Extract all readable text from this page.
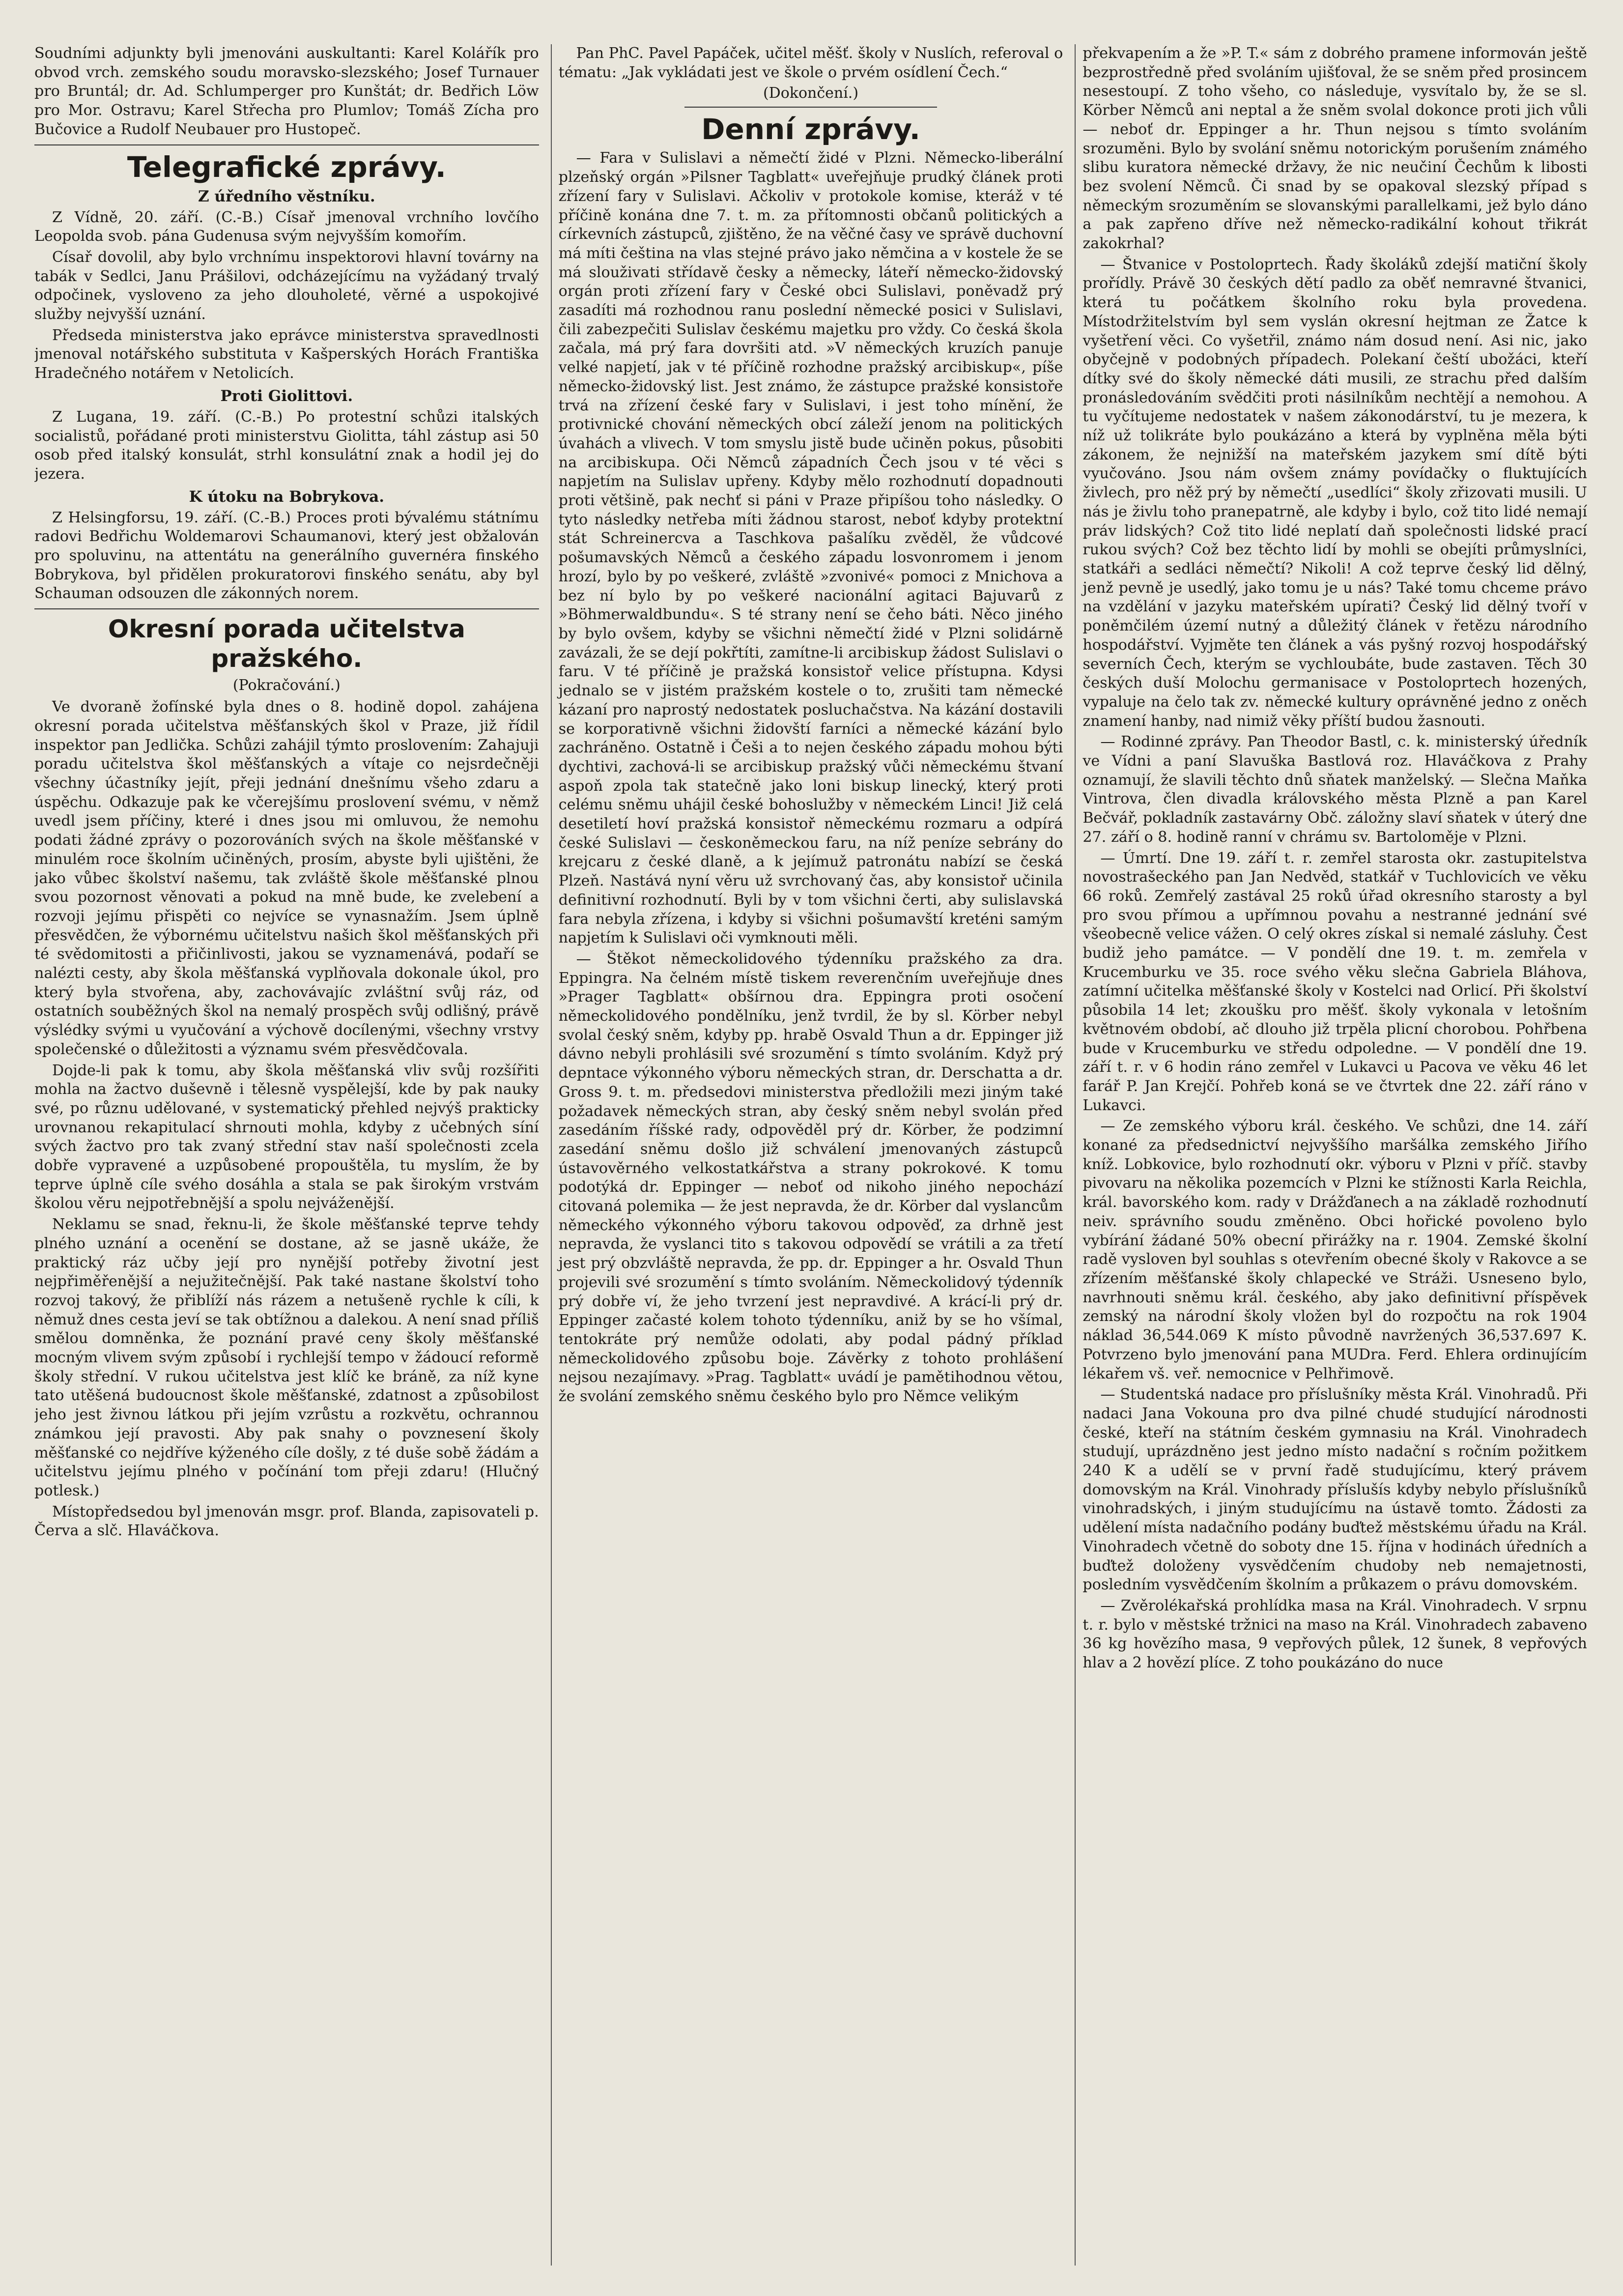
Soudními adjunkty byli jmenováni auskultanti: Karel Kolářík pro obvod vrch. zemského soudu moravsko-slezského; Josef Turnauer pro Bruntál; dr. Ad. Schlumperger pro Kunštát; dr. Bedřich Löw pro Mor. Ostravu; Karel Střecha pro Plumlov; Tomáš Zícha pro Bučovice a Rudolf Neubauer pro Hustopeč.

Telegrafické zprávy.
Z úředního věstníku.

Z Vídně, 20. září. (C.-B.) Císař jmenoval vrchního lovčího Leopolda svob. pána Gudenusa svým nejvyšším komořím.

Císař dovolil, aby bylo vrchnímu inspektorovi hlavní továrny na tabák v Sedlci, Janu Prášilovi, odcházejícímu na vyžádaný trvalý odpočinek, vysloveno za jeho dlouholeté, věrné a uspokojivé služby nejvyšší uznání.

Předseda ministerstva jako eprávce ministerstva spravedlnosti jmenoval notářského substituta v Kašperských Horách Františka Hradečného notářem v Netolicích.

Proti Giolittovi.

Z Lugana, 19. září. (C.-B.) Po protestní schůzi italských socialistů, pořádané proti ministerstvu Giolitta, táhl zástup asi 50 osob před italský konsulát, strhl konsulátní znak a hodil jej do jezera.

K útoku na Bobrykova.

Z Helsingforsu, 19. září. (C.-B.) Proces proti bývalému státnímu radovi Bedřichu Woldemarovi Schaumanovi, který jest obžalován pro spoluvinu, na attentátu na generálního guvernéra finského Bobrykova, byl přidělen prokuratorovi finského senátu, aby byl Schauman odsouzen dle zákonných norem.

Okresní porada učitelstva pražského.
(Pokračování.)

Ve dvoraně žofínské byla dnes o 8. hodině dopol. zahájena okresní porada učitelstva měšťanských škol v Praze, již řídil inspektor pan Jedlička. Schůzi zahájil týmto proslovením: Zahajuji poradu učitelstva škol měšťanských a vítaje co nejsrdečněji všechny účastníky jejít, přeji jednání dnešnímu všeho zdaru a úspěchu. Odkazuje pak ke včerejšímu proslovení svému, v němž uvedl jsem příčiny, které i dnes jsou mi omluvou, že nemohu podati žádné zprávy o pozorováních svých na škole měšťanské v minulém roce školním učiněných, prosím, abyste byli ujištěni, že jako vůbec školství našemu, tak zvláště škole měšťanské plnou svou pozornost věnovati a pokud na mně bude, ke zvelebení a rozvoji jejímu přispěti co nejvíce se vynasnažím. Jsem úplně přesvědčen, že výbornému učitelstvu našich škol měšťanských při té svědomitosti a přičinlivosti, jakou se vyznamenává, podaří se nalézti cesty, aby škola měšťanská vyplňovala dokonale úkol, pro který byla stvořena, aby, zachovávajíc zvláštní svůj ráz, od ostatních souběžných škol na nemalý prospěch svůj odlišný, právě výslédky svými u vyučování a výchově docílenými, všechny vrstvy společenské o důležitosti a významu svém přesvědčovala.

Dojde-li pak k tomu, aby škola měšťanská vliv svůj rozšířiti mohla na žactvo duševně i tělesně vyspělejší, kde by pak nauky své, po různu udělované, v systematický přehled nejvýš prakticky urovnanou rekapitulací shrnouti mohla, kdyby z učebných síní svých žactvo pro tak zvaný střední stav naší společnosti zcela dobře vypravené a uzpůsobené propouštěla, tu myslím, že by teprve úplně cíle svého dosáhla a stala se pak širokým vrstvám školou věru nejpotřebnější a spolu nejváženější.

Neklamu se snad, řeknu-li, že škole měšťanské teprve tehdy plného uznání a ocenění se dostane, až se jasně ukáže, že praktický ráz učby její pro nynější potřeby životní jest nejpřiměřenější a nejužitečnější. Pak také nastane školství toho rozvoj takový, že přiblíží nás rázem a netušeně rychle k cíli, k němuž dnes cesta jeví se tak obtížnou a dalekou. A není snad příliš smělou domněnka, že poznání pravé ceny školy měšťanské mocným vlivem svým způsobí i rychlejší tempo v žádoucí reformě školy střední. V rukou učitelstva jest klíč ke bráně, za níž kyne tato utěšená budoucnost škole měšťanské, zdatnost a způsobilost jeho jest živnou látkou při jejím vzrůstu a rozkvětu, ochrannou známkou její pravosti. Aby pak snahy o povznesení školy měšťanské co nejdříve kýženého cíle došly, z té duše sobě žádám a učitelstvu jejímu plného v počínání tom přeji zdaru! (Hlučný potlesk.)

Místopředsedou byl jmenován msgr. prof. Blanda, zapisovateli p. Červa a slč. Hlaváčkova.

Pan PhC. Pavel Papáček, učitel měšť. školy v Nuslích, referoval o tématu: „Jak vykládati jest ve škole o prvém osídlení Čech.“

(Dokončení.)
Denní zprávy.

— Fara v Sulislavi a němečtí židé v Plzni. Německo-liberální plzeňský orgán »Pilsner Tagblatt« uveřejňuje prudký článek proti zřízení fary v Sulislavi. Ačkoliv v protokole komise, kteráž v té příčině konána dne 7. t. m. za přítomnosti občanů politických a církevních zástupců, zjištěno, že na věčné časy ve správě duchovní má míti čeština na vlas stejné právo jako němčina a v kostele že se má slouživati střídavě česky a německy, láteří německo-židovský orgán proti zřízení fary v České obci Sulislavi, poněvadž prý zasadíti má rozhodnou ranu poslední německé posici v Sulislavi, čili zabezpečiti Sulislav českému majetku pro vždy. Co česká škola začala, má prý fara dovršiti atd. »V německých kruzích panuje velké napjetí, jak v té příčině rozhodne pražský arcibiskup«, píše německo-židovský list. Jest známo, že zástupce pražské konsistoře trvá na zřízení české fary v Sulislavi, i jest toho mínění, že protivnické chování německých obcí záleží jenom na politických úvahách a vlivech. V tom smyslu jistě bude učiněn pokus, působiti na arcibiskupa. Oči Němců západních Čech jsou v té věci s napjetím na Sulislav upřeny. Kdyby mělo rozhodnutí dopadnouti proti většině, pak nechť si páni v Praze připíšou toho následky. O tyto následky netřeba míti žádnou starost, neboť kdyby protektní stát Schreinercva a Taschkova pašalíku zvěděl, že vůdcové pošumavských Němců a českého západu losvonromem i jenom hrozí, bylo by po veškeré, zvláště »zvonivé« pomoci z Mnichova a bez ní bylo by po veškeré nacionální agitaci Bajuvarů z »Böhmerwaldbundu«. S té strany není se čeho báti. Něco jiného by bylo ovšem, kdyby se všichni němečtí židé v Plzni solidárně zavázali, že se dejí pokřtíti, zamítne-li arcibiskup žádost Sulislavi o faru. V té příčině je pražská konsistoř velice přístupna. Kdysi jednalo se v jistém pražském kostele o to, zrušiti tam německé kázaní pro naprostý nedostatek posluchačstva. Na kázání dostavili se korporativně všichni židovští farníci a německé kázání bylo zachráněno. Ostatně i Češi a to nejen českého západu mohou býti dychtivi, zachová-li se arcibiskup pražský vůči německému štvaní aspoň zpola tak statečně jako loni biskup linecký, který proti celému sněmu uhájil české bohoslužby v německém Linci! Již celá desetiletí hoví pražská konsistoř německému rozmaru a odpírá české Sulislavi — českoněmeckou faru, na níž peníze sebrány do krejcaru z české dlaně, a k jejímuž patronátu nabízí se česká Plzeň. Nastává nyní věru už svrchovaný čas, aby konsistoř učinila definitivní rozhodnutí. Byli by v tom všichni čerti, aby sulislavská fara nebyla zřízena, i kdyby si všichni pošumavští kreténi samým napjetím k Sulislavi oči vymknouti měli.

— Štěkot německolidového týdenníku pražského za dra. Eppingra. Na čelném místě tiskem reverenčním uveřejňuje dnes »Prager Tagblatt« obšírnou dra. Eppingra proti osočení německolidového pondělníku, jenž tvrdil, že by sl. Körber nebyl svolal český sněm, kdyby pp. hrabě Osvald Thun a dr. Eppinger již dávno nebyli prohlásili své srozumění s tímto svoláním. Když prý depntace výkonného výboru německých stran, dr. Derschatta a dr. Gross 9. t. m. předsedovi ministerstva předložili mezi jiným také požadavek německých stran, aby český sněm nebyl svolán před zasedáním říšské rady, odpověděl prý dr. Körber, že podzimní zasedání sněmu došlo již schválení jmenovaných zástupců ústavověrného velkostatkářstva a strany pokrokové. K tomu podotýká dr. Eppinger — neboť od nikoho jiného nepochází citovaná polemika — že jest nepravda, že dr. Körber dal vyslancům německého výkonného výboru takovou odpověď, za drhně jest nepravda, že vyslanci tito s takovou odpovědí se vrátili a za třetí jest prý obzvláště nepravda, že pp. dr. Eppinger a hr. Osvald Thun projevili své srozumění s tímto svoláním. Německolidový týdenník prý dobře ví, že jeho tvrzení jest nepravdivé. A krácí-li prý dr. Eppinger začasté kolem tohoto týdenníku, aniž by se ho všímal, tentokráte prý nemůže odolati, aby podal pádný příklad německolidového způsobu boje. Závěrky z tohoto prohlášení nejsou nezajímavy. »Prag. Tagblatt« uvádí je pamětihodnou větou, že svolání zemského sněmu českého bylo pro Němce velikým

překvapením a že »P. T.« sám z dobrého pramene informován ještě bezprostředně před svoláním ujišťoval, že se sněm před prosincem nesestoupí. Z toho všeho, co následuje, vysvítalo by, že se sl. Körber Němců ani neptal a že sněm svolal dokonce proti jich vůli — neboť dr. Eppinger a hr. Thun nejsou s tímto svoláním srozuměni. Bylo by svolání sněmu notorickým porušením známého slibu kuratora německé državy, že nic neučiní Čechům k libosti bez svolení Němců. Či snad by se opakoval slezský případ s německým srozuměním se slovanskými parallelkami, jež bylo dáno a pak zapřeno dříve než německo-radikální kohout třikrát zakokrhal?

— Štvanice v Postoloprtech. Řady školáků zdejší matiční školy prořídly. Právě 30 českých dětí padlo za oběť nemravné štvanici, která tu počátkem školního roku byla provedena. Místodržitelstvím byl sem vyslán okresní hejtman ze Žatce k vyšetření věci. Co vyšetřil, známo nám dosud není. Asi nic, jako obyčejně v podobných případech. Polekaní čeští ubožáci, kteří dítky své do školy německé dáti musili, ze strachu před dalším pronásledováním svědčiti proti násilníkům nechtějí a nemohou. A tu vyčítujeme nedostatek v našem zákonodárství, tu je mezera, k níž už tolikráte bylo poukázáno a která by vyplněna měla býti zákonem, že nejnižší na mateřském jazykem smí dítě býti vyučováno. Jsou nám ovšem známy povídačky o fluktujících živlech, pro něž prý by němečtí „usedlíci“ školy zřizovati musili. U nás je živlu toho pranepatrně, ale kdyby i bylo, což tito lidé nemají práv lidských? Což tito lidé neplatí daň společnosti lidské prací rukou svých? Což bez těchto lidí by mohli se obejíti průmyslníci, statkáři a sedláci němečtí? Nikoli! A což teprve český lid dělný, jenž pevně je usedlý, jako tomu je u nás? Také tomu chceme právo na vzdělání v jazyku mateřském upírati? Český lid dělný tvoří v poněmčilém území nutný a důležitý článek v řetězu národního hospodářství. Vyjměte ten článek a vás pyšný rozvoj hospodářský severních Čech, kterým se vychloubáte, bude zastaven. Těch 30 českých duší Molochu germanisace v Postoloprtech hozených, vypaluje na čelo tak zv. německé kultury oprávněné jedno z oněch znamení hanby, nad nimiž věky příští budou žasnouti.

— Rodinné zprávy. Pan Theodor Bastl, c. k. ministerský úředník ve Vídni a paní Slavuška Bastlová roz. Hlaváčkova z Prahy oznamují, že slavili těchto dnů sňatek manželský. — Slečna Maňka Vintrova, člen divadla královského města Plzně a pan Karel Bečvář, pokladník zastavárny Obč. záložny slaví sňatek v úterý dne 27. září o 8. hodině ranní v chrámu sv. Bartoloměje v Plzni.

— Úmrtí. Dne 19. září t. r. zemřel starosta okr. zastupitelstva novostrašeckého pan Jan Nedvěd, statkář v Tuchlovicích ve věku 66 roků. Zemřelý zastával 25 roků úřad okresního starosty a byl pro svou přímou a upřímnou povahu a nestranné jednání své všeobecně velice vážen. O celý okres získal si nemalé zásluhy. Čest budiž jeho památce. — V pondělí dne 19. t. m. zemřela v Krucemburku ve 35. roce svého věku slečna Gabriela Bláhova, zatímní učitelka měšťanské školy v Kostelci nad Orlicí. Při školství působila 14 let; zkoušku pro měšť. školy vykonala v letošním květnovém období, ač dlouho již trpěla plicní chorobou. Pohřbena bude v Krucemburku ve středu odpoledne. — V pondělí dne 19. září t. r. v 6 hodin ráno zemřel v Lukavci u Pacova ve věku 46 let farář P. Jan Krejčí. Pohřeb koná se ve čtvrtek dne 22. září ráno v Lukavci.

— Ze zemského výboru král. českého. Ve schůzi, dne 14. září konané za předsednictví nejvyššího maršálka zemského Jiřího kníž. Lobkovice, bylo rozhodnutí okr. výboru v Plzni v příč. stavby pivovaru na několika pozemcích v Plzni ke stížnosti Karla Reichla, král. bavorského kom. rady v Drážďanech a na základě rozhodnutí neiv. správního soudu změněno. Obci hořické povoleno bylo vybírání žádané 50% obecní přirážky na r. 1904. Zemské školní radě vysloven byl souhlas s otevřením obecné školy v Rakovce a se zřízením měšťanské školy chlapecké ve Stráži. Usneseno bylo, navrhnouti sněmu král. českého, aby jako definitivní příspěvek zemský na národní školy vložen byl do rozpočtu na rok 1904 náklad 36,544.069 K místo původně navržených 36,537.697 K. Potvrzeno bylo jmenování pana MUDra. Ferd. Ehlera ordinujícím lékařem vš. veř. nemocnice v Pelhřimově.

— Studentská nadace pro příslušníky města Král. Vinohradů. Při nadaci Jana Vokouna pro dva pilné chudé studující národnosti české, kteří na státním českém gymnasiu na Král. Vinohradech studují, uprázdněno jest jedno místo nadační s ročním požitkem 240 K a udělí se v první řadě studujícímu, který právem domovským na Král. Vinohrady příslušís kdyby nebylo příslušníků vinohradských, i jiným studujícímu na ústavě tomto. Žádosti za udělení místa nadačního podány buďtež městskému úřadu na Král. Vinohradech včetně do soboty dne 15. října v hodinách úředních a buďtež doloženy vysvědčením chudoby neb nemajetnosti, posledním vysvědčením školním a průkazem o právu domovském.

— Zvěrolékařská prohlídka masa na Král. Vinohradech. V srpnu t. r. bylo v městské tržnici na maso na Král. Vinohradech zabaveno 36 kg hovězího masa, 9 vepřových půlek, 12 šunek, 8 vepřových hlav a 2 hovězí plíce. Z toho poukázáno do nuce
